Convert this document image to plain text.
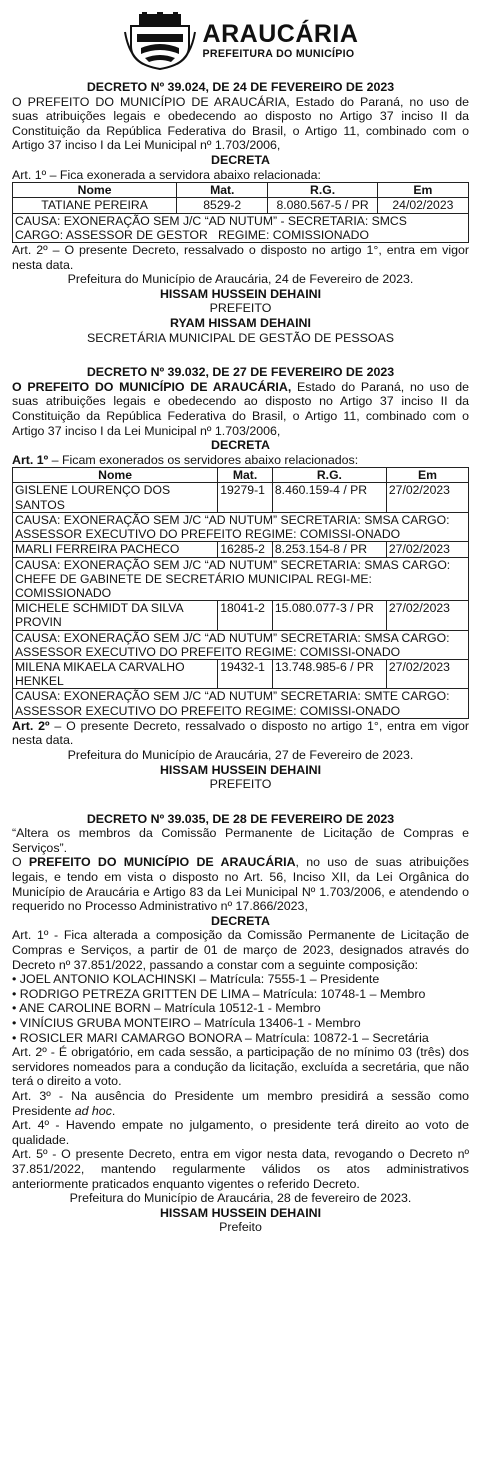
ARAUCÁRIA
PREFEITURA DO MUNICÍPIO
DECRETO Nº 39.024, DE 24 DE FEVEREIRO DE 2023

O PREFEITO DO MUNICÍPIO DE ARAUCÁRIA, Estado do Paraná, no uso de suas atribuições legais e obedecendo ao disposto no Artigo 37 inciso II da Constituição da República Federativa do Brasil, o Artigo 11, combinado com o Artigo 37 inciso I da Lei Municipal nº 1.703/2006,

DECRETA

Art. 1º – Fica exonerada a servidora abaixo relacionada:

Nome	Mat.	R.G.	Em
TATIANE PEREIRA	8529-2	8.080.567-5 / PR	24/02/2023

CAUSA: EXONERAÇÃO SEM J/C “AD NUTUM” - SECRETARIA: SMCS
CARGO: ASSESSOR DE GESTOR   REGIME: COMISSIONADO			

Art. 2º – O presente Decreto, ressalvado o disposto no artigo 1°, entra em vigor nesta data.

Prefeitura do Município de Araucária, 24 de Fevereiro de 2023.
HISSAM HUSSEIN DEHAINI
PREFEITO
RYAM HISSAM DEHAINI
SECRETÁRIA MUNICIPAL DE GESTÃO DE PESSOAS
DECRETO Nº 39.032, DE 27 DE FEVEREIRO DE 2023

O PREFEITO DO MUNICÍPIO DE ARAUCÁRIA, Estado do Paraná, no uso de suas atribuições legais e obedecendo ao disposto no Artigo 37 inciso II da Constituição da República Federativa do Brasil, o Artigo 11, combinado com o Artigo 37 inciso I da Lei Municipal nº 1.703/2006,

DECRETA

Art. 1º – Ficam exonerados os servidores abaixo relacionados:

Nome	Mat.	R.G.	Em
GISLENE LOURENÇO DOS SANTOS	19279-1	8.460.159-4 / PR	27/02/2023
CAUSA: EXONERAÇÃO SEM J/C “AD NUTUM” SECRETARIA: SMSA CARGO: ASSESSOR EXECUTIVO DO PREFEITO REGIME: COMISSI-ONADO			
MARLI FERREIRA PACHECO	16285-2	8.253.154-8 / PR	27/02/2023
CAUSA: EXONERAÇÃO SEM J/C “AD NUTUM” SECRETARIA: SMAS CARGO: CHEFE DE GABINETE DE SECRETÁRIO MUNICIPAL REGI-ME: COMISSIONADO			
MICHELE SCHMIDT DA SILVA PROVIN	18041-2	15.080.077-3 / PR	27/02/2023
CAUSA: EXONERAÇÃO SEM J/C “AD NUTUM” SECRETARIA: SMSA CARGO: ASSESSOR EXECUTIVO DO PREFEITO REGIME: COMISSI-ONADO			
MILENA MIKAELA CARVALHO HENKEL	19432-1	13.748.985-6 / PR	27/02/2023
CAUSA: EXONERAÇÃO SEM J/C “AD NUTUM” SECRETARIA: SMTE CARGO: ASSESSOR EXECUTIVO DO PREFEITO REGIME: COMISSI-ONADO			

Art. 2º – O presente Decreto, ressalvado o disposto no artigo 1°, entra em vigor nesta data.

Prefeitura do Município de Araucária, 27 de Fevereiro de 2023.
HISSAM HUSSEIN DEHAINI
PREFEITO
DECRETO Nº 39.035, DE 28 DE FEVEREIRO DE 2023

“Altera os membros da Comissão Permanente de Licitação de Compras e Serviços”.

O PREFEITO DO MUNICÍPIO DE ARAUCÁRIA, no uso de suas atribuições legais, e tendo em vista o disposto no Art. 56, Inciso XII, da Lei Orgânica do Município de Araucária e Artigo 83 da Lei Municipal Nº 1.703/2006, e atendendo o requerido no Processo Administrativo nº 17.866/2023,

DECRETA

Art. 1º - Fica alterada a composição da Comissão Permanente de Licitação de Compras e Serviços, a partir de 01 de março de 2023, designados através do Decreto nº 37.851/2022, passando a constar com a seguinte composição:

• JOEL ANTONIO KOLACHINSKI – Matrícula: 7555-1 – Presidente

• RODRIGO PETREZA GRITTEN DE LIMA – Matrícula: 10748-1 – Membro

• ANE CAROLINE BORN – Matrícula 10512-1 - Membro

• VINÍCIUS GRUBA MONTEIRO – Matrícula 13406-1 - Membro

• ROSICLER MARI CAMARGO BONORA – Matrícula: 10872-1 – Secretária

Art. 2º - É obrigatório, em cada sessão, a participação de no mínimo 03 (três) dos servidores nomeados para a condução da licitação, excluída a secretária, que não terá o direito a voto.

Art. 3º - Na ausência do Presidente um membro presidirá a sessão como Presidente ad hoc.

Art. 4º - Havendo empate no julgamento, o presidente terá direito ao voto de qualidade.

Art. 5º - O presente Decreto, entra em vigor nesta data, revogando o Decreto nº 37.851/2022, mantendo regularmente válidos os atos administrativos anteriormente praticados enquanto vigentes o referido Decreto.

Prefeitura do Município de Araucária, 28 de fevereiro de 2023.
HISSAM HUSSEIN DEHAINI
Prefeito
